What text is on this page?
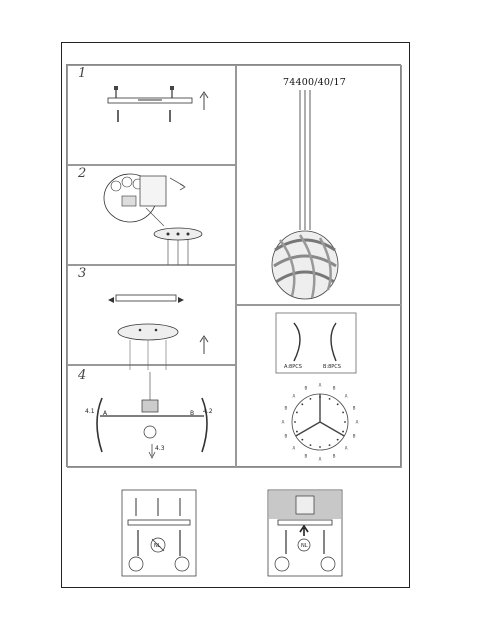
1
2
3
4
74400/40/17
4.1	4.2
4.3
A	B
A:8PCS	B:8PCS
A
B
A
B
A
B
A
B
A
B
A
B
A
B
A
B
NL	NL
